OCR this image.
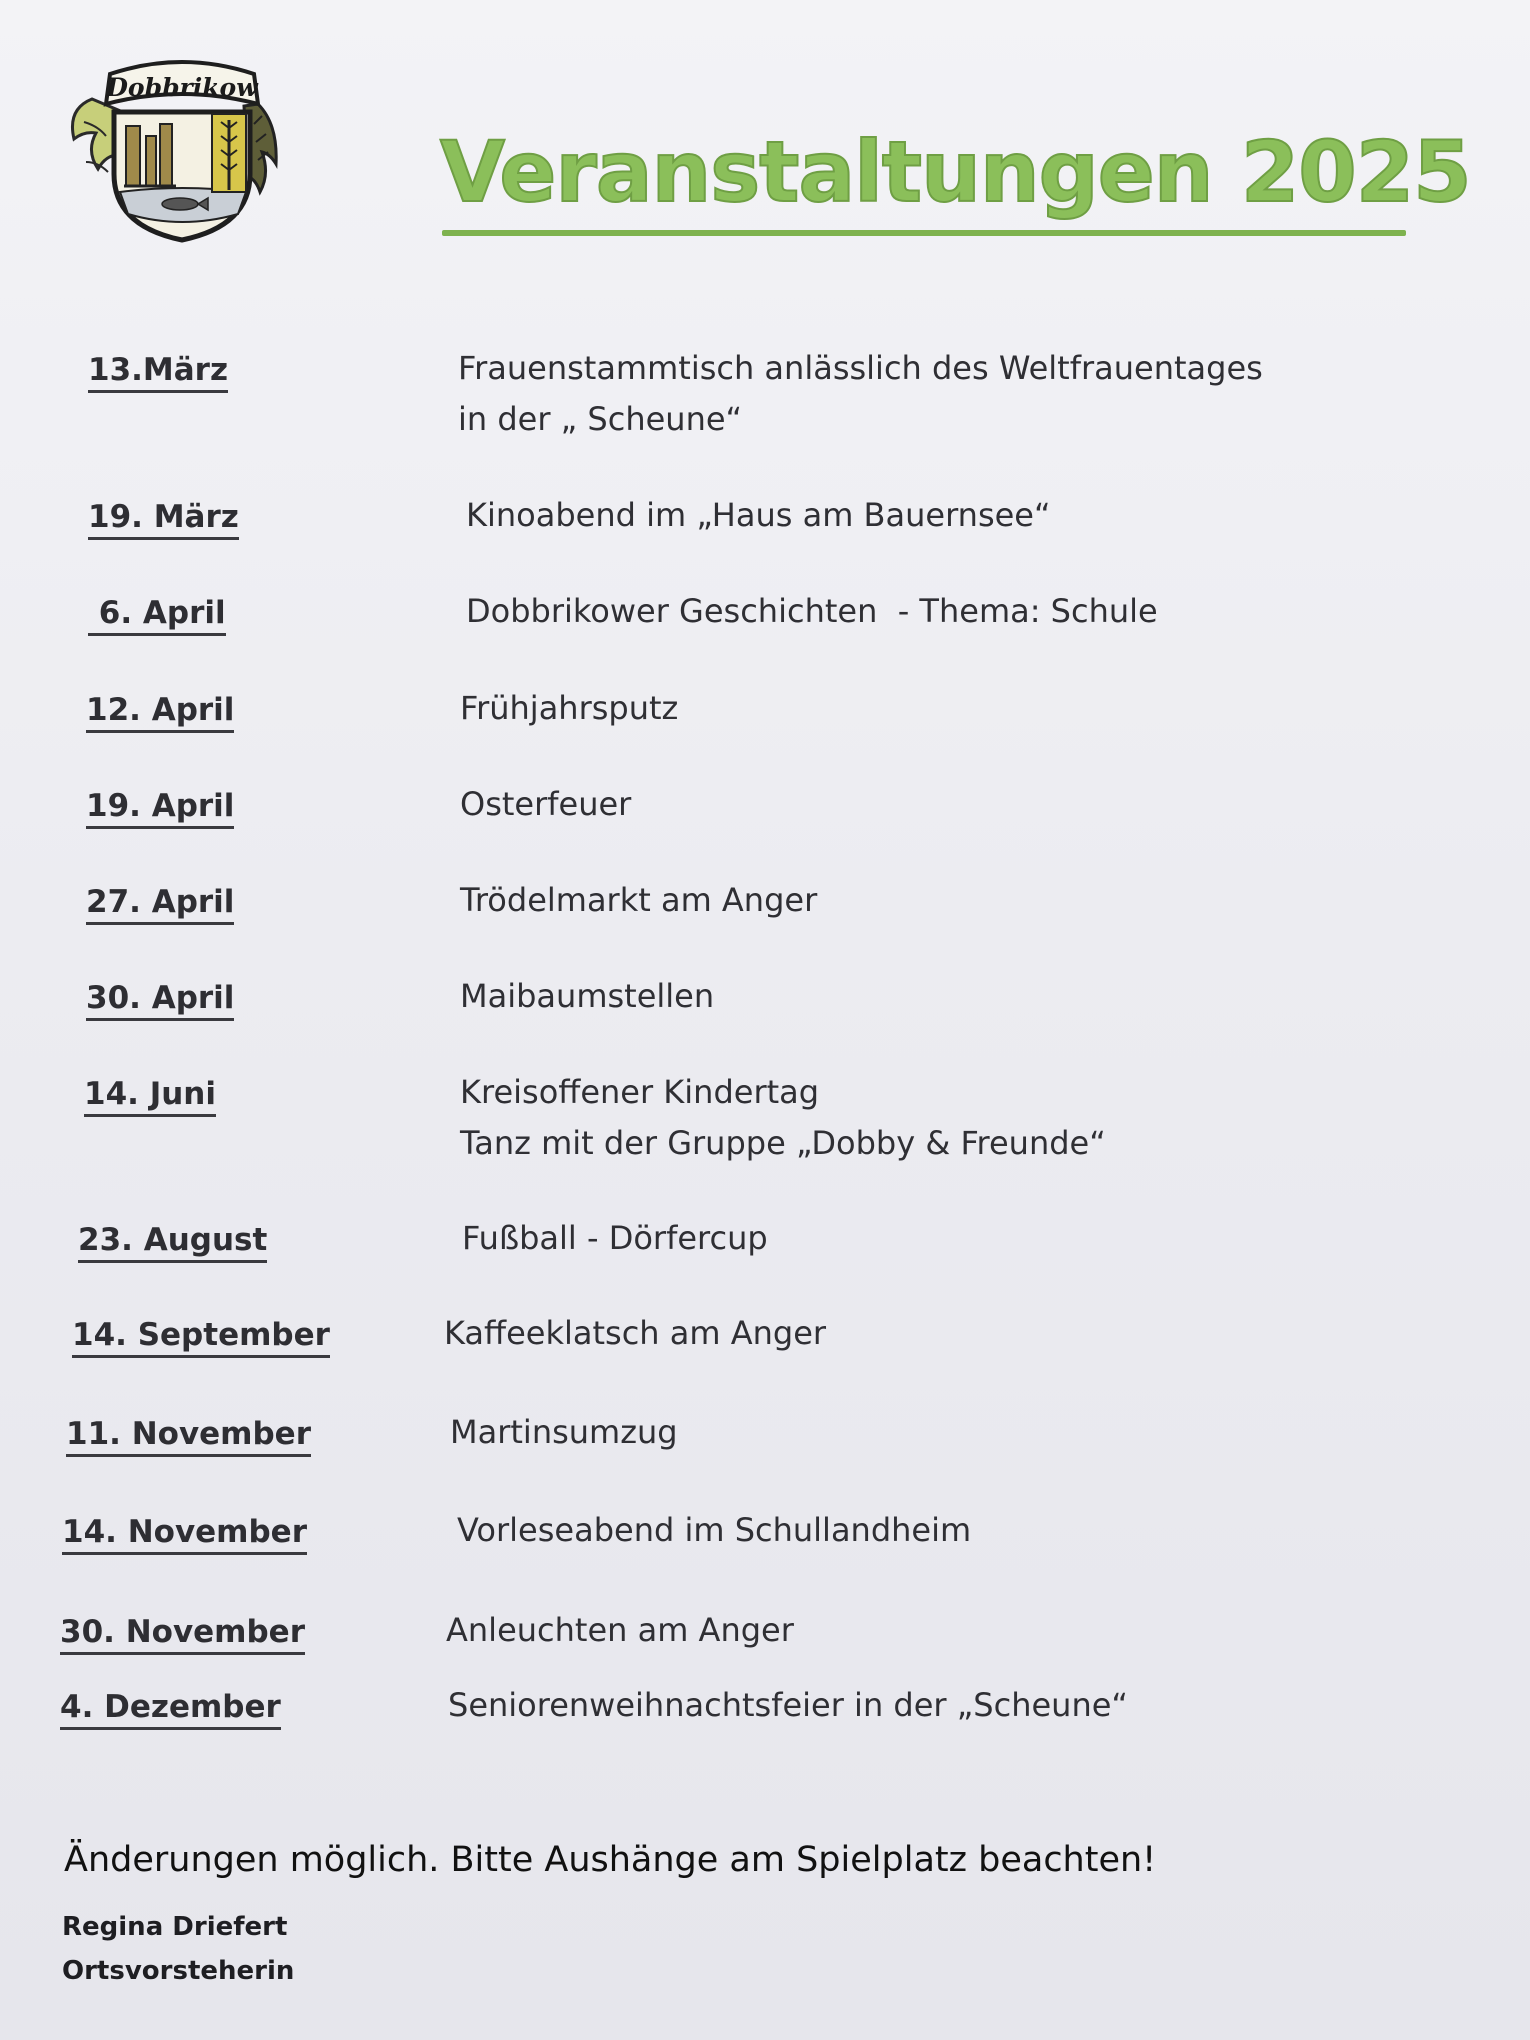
Dobbrikow
Veranstaltungen 2025
13.März	Frauenstammtisch anlässlich des Weltfrauentages
in der „ Scheune“
19. März	Kinoabend im „Haus am Bauernsee“
6. April	Dobbrikower Geschichten  - Thema: Schule
12. April	Frühjahrsputz
19. April	Osterfeuer
27. April	Trödelmarkt am Anger
30. April	Maibaumstellen
14. Juni	Kreisoffener Kindertag
Tanz mit der Gruppe „Dobby & Freunde“
23. August	Fußball - Dörfercup
14. September	Kaffeeklatsch am Anger
11. November	Martinsumzug
14. November	Vorleseabend im Schullandheim
30. November	Anleuchten am Anger
4. Dezember	Seniorenweihnachtsfeier in der „Scheune“
Änderungen möglich. Bitte Aushänge am Spielplatz beachten!
Regina Driefert
Ortsvorsteherin
